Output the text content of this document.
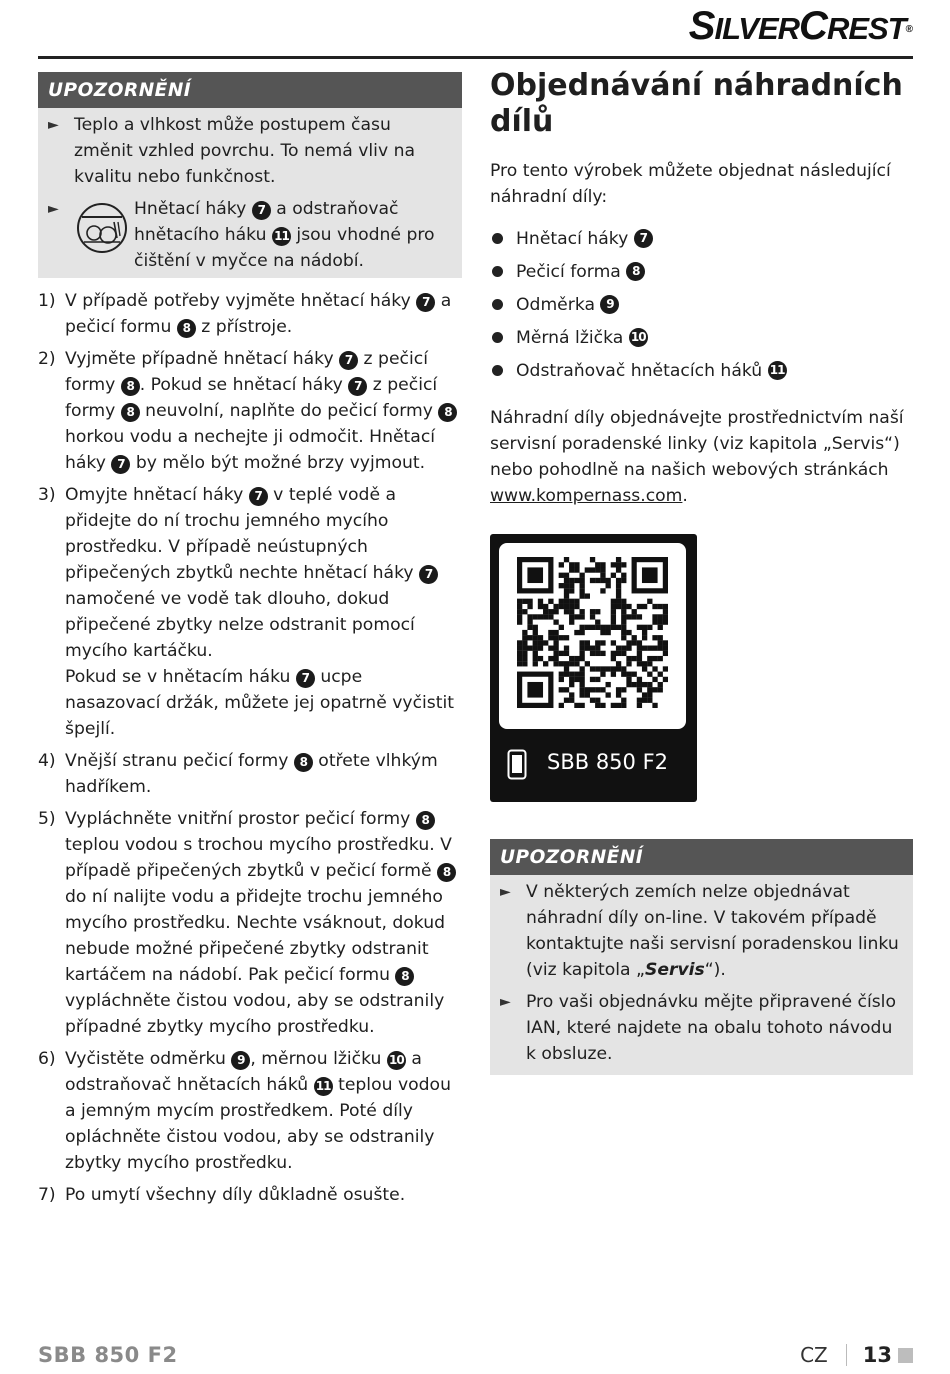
SILVERCREST®
UPOZORNĚNÍ
► Teplo a vlhkost může postupem času změnit vzhled povrchu. To nemá vliv na kvalitu nebo funkčnost.
►	Hnětací háky 7 a odstraňovač hnětacího háku 11 jsou vhodné pro čištění v myčce na nádobí.
1) V případě potřeby vyjměte hnětací háky 7 a pečicí formu 8 z přístroje.
2) Vyjměte případně hnětací háky 7 z pečicí formy 8 . Pokud se hnětací háky 7 z pečicí formy 8 neuvolní, naplňte do pečicí formy 8 horkou vodu a nechejte ji odmočit. Hnětací háky 7 by mělo být možné brzy vyjmout.
3) Omyjte hnětací háky 7 v teplé vodě a přidejte do ní trochu jemného mycího prostředku. V případě neústupných připečených zbytků nechte hnětací háky 7 namočené ve vodě tak dlouho, dokud připečené zbytky nelze odstranit pomocí mycího kartáčku.
Pokud se v hnětacím háku 7 ucpe nasazovací držák, můžete jej opatrně vyčistit špejlí.
4) Vnější stranu pečicí formy 8 otřete vlhkým hadříkem.
5) Vypláchněte vnitřní prostor pečicí formy 8 teplou vodou s trochou mycího prostředku. V případě připečených zbytků v pečicí formě 8 do ní nalijte vodu a přidejte trochu jemného mycího prostředku. Nechte vsáknout, dokud nebude možné připečené zbytky odstranit kartáčem na nádobí. Pak pečicí formu 8 vypláchněte čistou vodou, aby se odstranily případné zbytky mycího prostředku.
6) Vyčistěte odměrku 9 , měrnou lžičku 10 a odstraňovač hnětacích háků 11 teplou vodou a jemným mycím prostředkem. Poté díly opláchněte čistou vodou, aby se odstranily zbytky mycího prostředku.
7) Po umytí všechny díly důkladně osušte.
Objednávání náhradních dílů
Pro tento výrobek můžete objednat následující náhradní díly:
Hnětací háky
7
Pečicí forma
8
Odměrka
9
Měrná lžička
10
Odstraňovač hnětacích háků
11
Náhradní díly objednávejte prostřednictvím naší servisní poradenské linky (viz kapitola „Servis“) nebo pohodlně na našich webových stránkách www.kompernass.com.
SBB 850 F2
UPOZORNĚNÍ
► V některých zemích nelze objednávat náhradní díly on-line. V takovém případě kontaktujte naši servisní poradenskou linku (viz kapitola „Servis“).
► Pro vaši objednávku mějte připravené číslo IAN, které najdete na obalu tohoto návodu k obsluze.
SBB 850 F2	CZ 13
